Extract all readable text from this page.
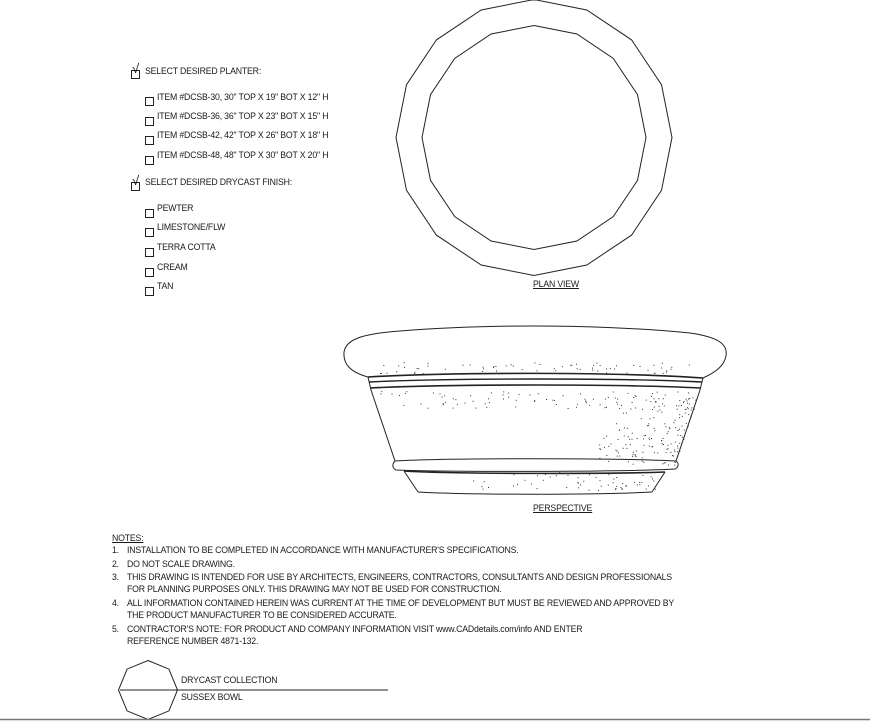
√ SELECT DESIRED PLANTER:
ITEM #DCSB-30, 30" TOP X 19" BOT X 12" H
ITEM #DCSB-36, 36" TOP X 23" BOT X 15" H
ITEM #DCSB-42, 42" TOP X 26" BOT X 18" H
ITEM #DCSB-48, 48" TOP X 30" BOT X 20" H
√ SELECT DESIRED DRYCAST FINISH:
PEWTER
LIMESTONE/FLW
TERRA COTTA
CREAM
TAN	PLAN VIEW
PERSPECTIVE
NOTES:
1. INSTALLATION TO BE COMPLETED IN ACCORDANCE WITH MANUFACTURER'S SPECIFICATIONS.
2. DO NOT SCALE DRAWING.
3. THIS DRAWING IS INTENDED FOR USE BY ARCHITECTS, ENGINEERS, CONTRACTORS, CONSULTANTS AND DESIGN PROFESSIONALS
FOR PLANNING PURPOSES ONLY. THIS DRAWING MAY NOT BE USED FOR CONSTRUCTION.
4. ALL INFORMATION CONTAINED HEREIN WAS CURRENT AT THE TIME OF DEVELOPMENT BUT MUST BE REVIEWED AND APPROVED BY
THE PRODUCT MANUFACTURER TO BE CONSIDERED ACCURATE.
5. CONTRACTOR'S NOTE: FOR PRODUCT AND COMPANY INFORMATION VISIT www.CADdetails.com/info AND ENTER
REFERENCE NUMBER 4871-132.
DRYCAST COLLECTION
SUSSEX BOWL
